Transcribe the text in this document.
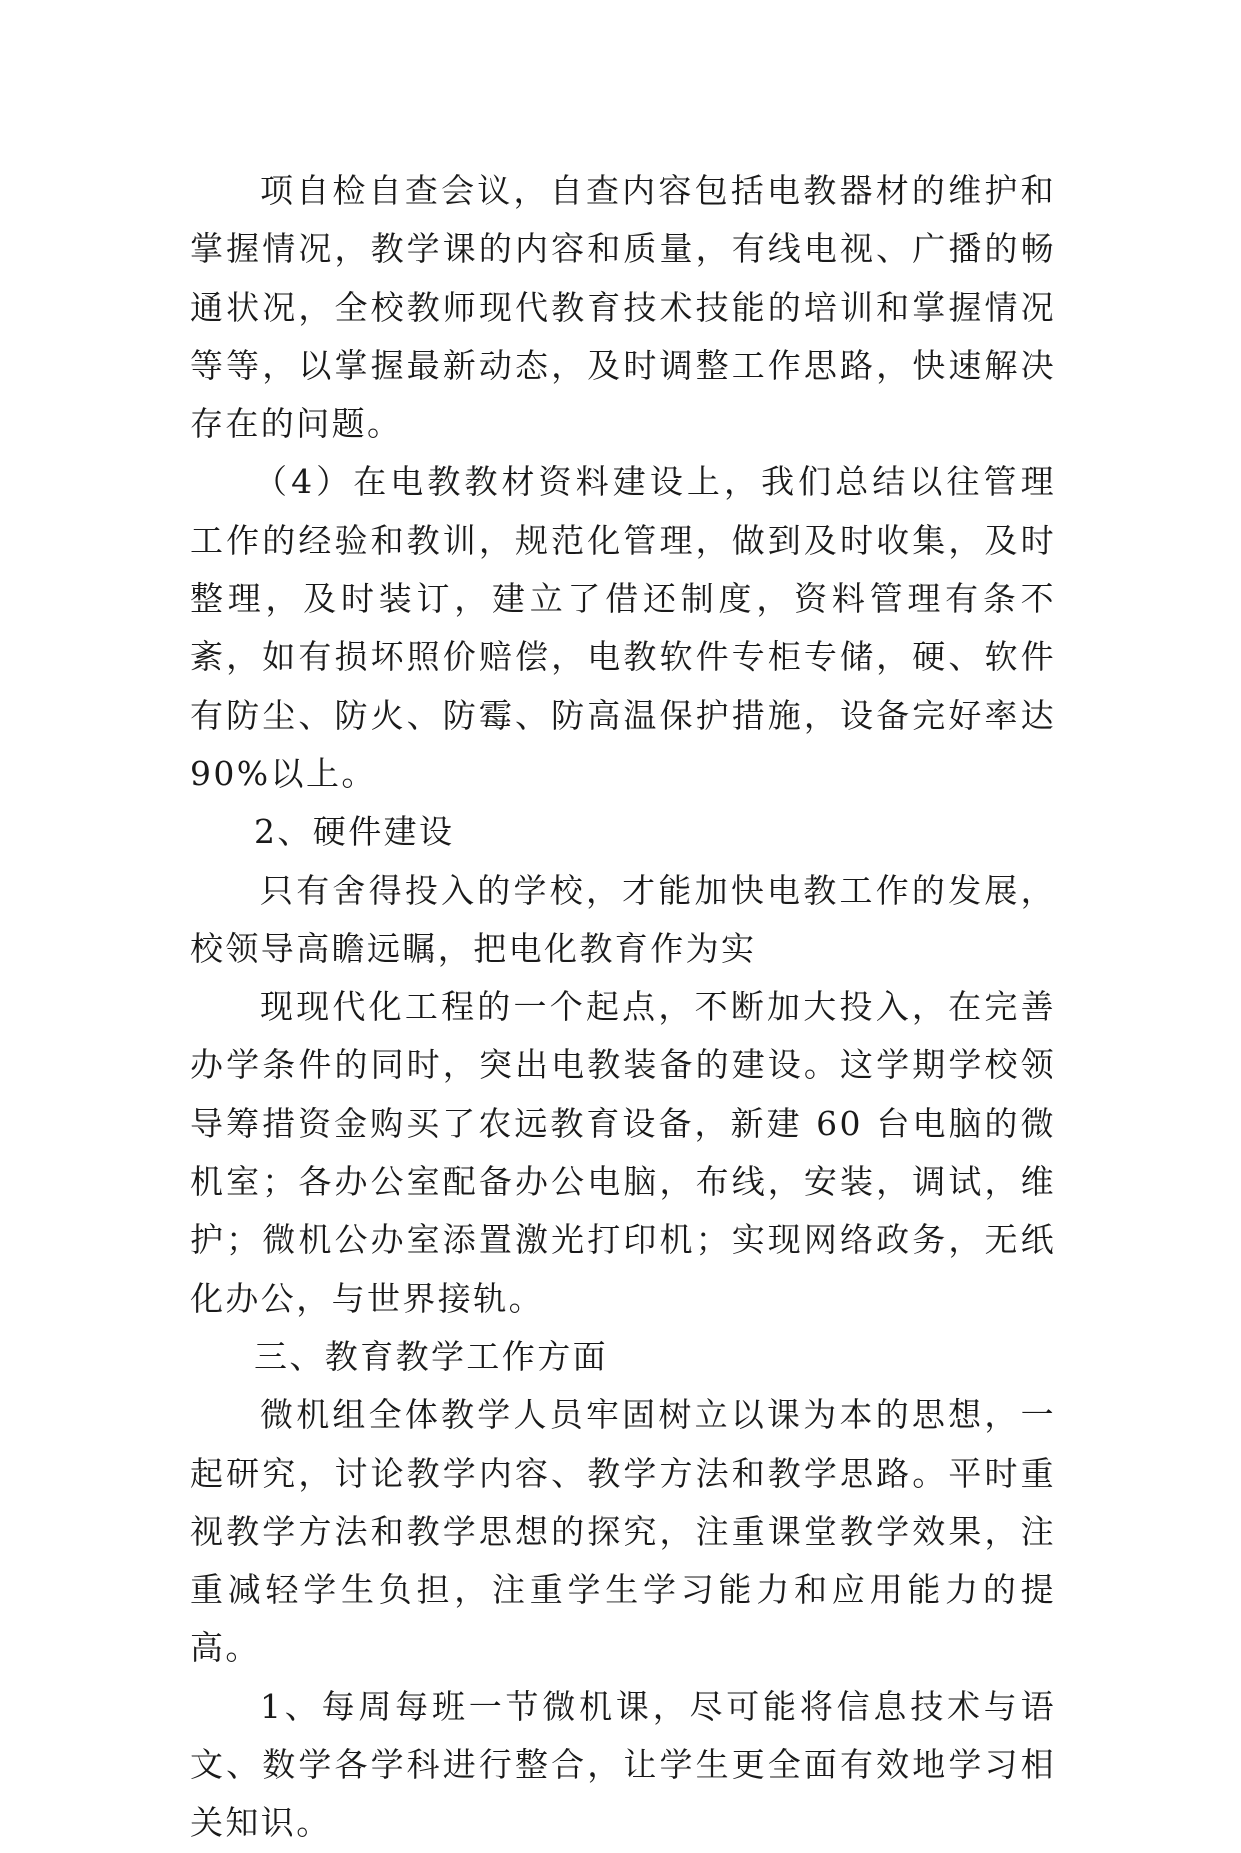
项自检自查会议，自查内容包括电教器材的维护和掌握情况，教学课的内容和质量，有线电视、广播的畅通状况，全校教师现代教育技术技能的培训和掌握情况等等，以掌握最新动态，及时调整工作思路，快速解决存在的问题。

（4）在电教教材资料建设上，我们总结以往管理工作的经验和教训，规范化管理，做到及时收集，及时整理，及时装订，建立了借还制度，资料管理有条不紊，如有损坏照价赔偿，电教软件专柜专储，硬、软件有防尘、防火、防霉、防高温保护措施，设备完好率达 90%以上。

2、硬件建设

只有舍得投入的学校，才能加快电教工作的发展，校领导高瞻远瞩，把电化教育作为实

现现代化工程的一个起点，不断加大投入，在完善办学条件的同时，突出电教装备的建设。这学期学校领导筹措资金购买了农远教育设备，新建 60 台电脑的微机室；各办公室配备办公电脑，布线，安装，调试，维护；微机公办室添置激光打印机；实现网络政务，无纸化办公，与世界接轨。

三、教育教学工作方面

微机组全体教学人员牢固树立以课为本的思想，一起研究，讨论教学内容、教学方法和教学思路。平时重视教学方法和教学思想的探究，注重课堂教学效果，注重减轻学生负担，注重学生学习能力和应用能力的提高。

1、每周每班一节微机课，尽可能将信息技术与语文、数学各学科进行整合，让学生更全面有效地学习相关知识。
